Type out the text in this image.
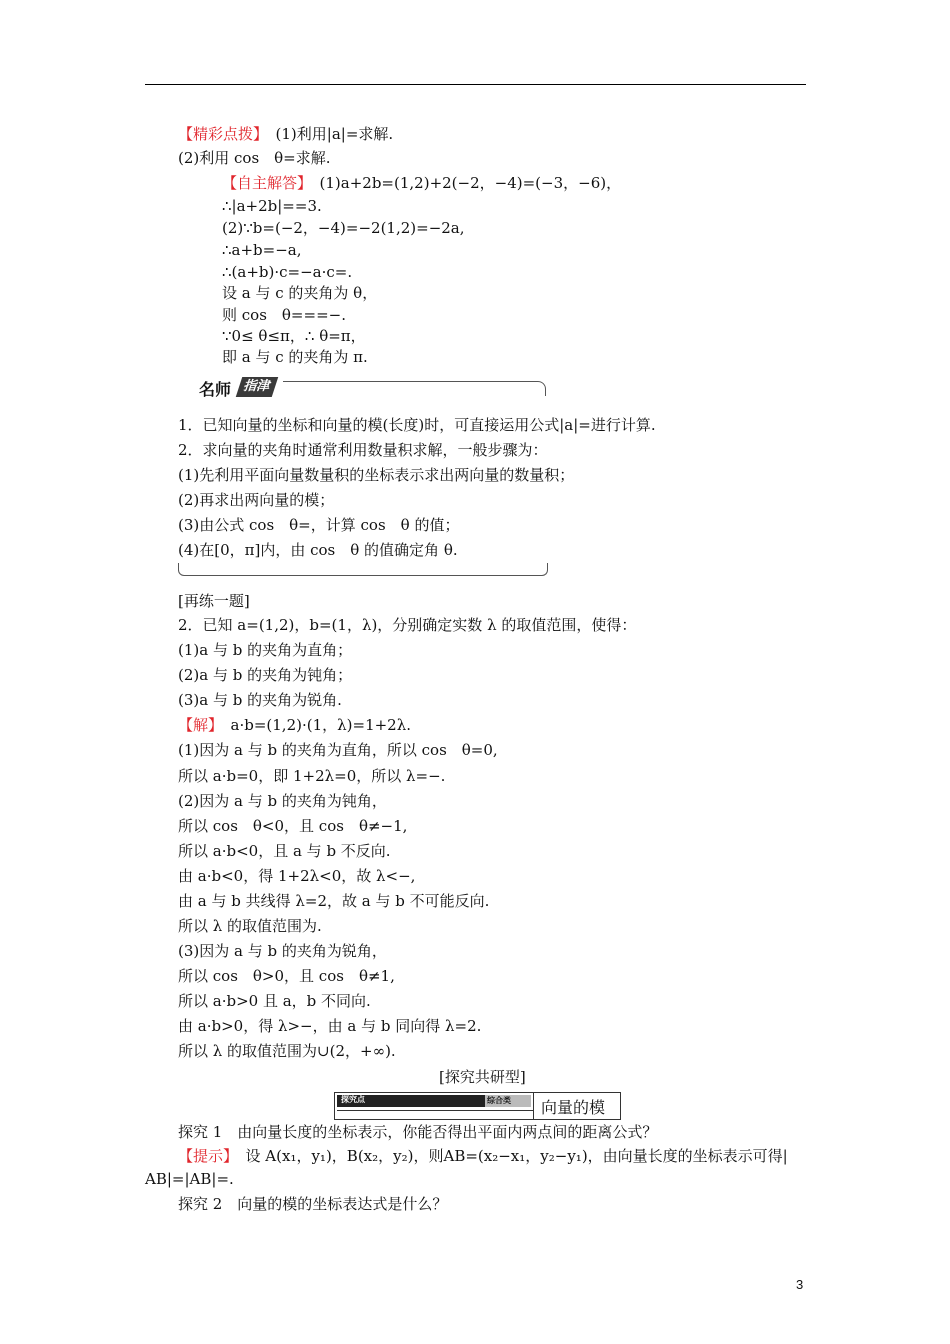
【精彩点拨】　 (1)利用|a|=求解.
(2)利用 cos　θ=求解.
【自主解答】　 (1)a+2b=(1,2)+2(−2，−4)=(−3，−6)，
∴|a+2b|==3.
(2)∵b=(−2，−4)=−2(1,2)=−2a,
∴a+b=−a,
∴(a+b)·c=−a·c=.
设 a 与 c 的夹角为 θ，
则 cos　θ===−.
∵0≤ θ≤π，∴ θ=π，
即 a 与 c 的夹角为 π.
名师 指津
1．已知向量的坐标和向量的模(长度)时，可直接运用公式|a|=进行计算.
2．求向量的夹角时通常利用数量积求解，一般步骤为：
(1)先利用平面向量数量积的坐标表示求出两向量的数量积；
(2)再求出两向量的模；
(3)由公式 cos　θ=，计算 cos　θ 的值；
(4)在[0，π]内，由 cos　θ 的值确定角 θ.
[再练一题]
2．已知 a=(1,2)，b=(1，λ)，分别确定实数 λ 的取值范围，使得：
(1)a 与 b 的夹角为直角；
(2)a 与 b 的夹角为钝角；
(3)a 与 b 的夹角为锐角.
【解】　 a·b=(1,2)·(1，λ)=1+2λ.
(1)因为 a 与 b 的夹角为直角，所以 cos　θ=0,
所以 a·b=0，即 1+2λ=0，所以 λ=−.
(2)因为 a 与 b 的夹角为钝角，
所以 cos　θ<0，且 cos　θ≠−1,
所以 a·b<0，且 a 与 b 不反向.
由 a·b<0，得 1+2λ<0，故 λ<−,
由 a 与 b 共线得 λ=2，故 a 与 b 不可能反向.
所以 λ 的取值范围为.
(3)因为 a 与 b 的夹角为锐角，
所以 cos　θ>0，且 cos　θ≠1,
所以 a·b>0 且 a，b 不同向.
由 a·b>0，得 λ>−，由 a 与 b 同向得 λ=2.
所以 λ 的取值范围为∪(2，+∞).
[探究共研型]
探究点	综合类 向量的模
探究 1　由向量长度的坐标表示，你能否得出平面内两点间的距离公式？
【提示】　 设 A(x₁，y₁)，B(x₂，y₂)，则AB=(x₂−x₁，y₂−y₁)，由向量长度的坐标表示可得|
AB|=|AB|=.
探究 2　向量的模的坐标表达式是什么？
3
